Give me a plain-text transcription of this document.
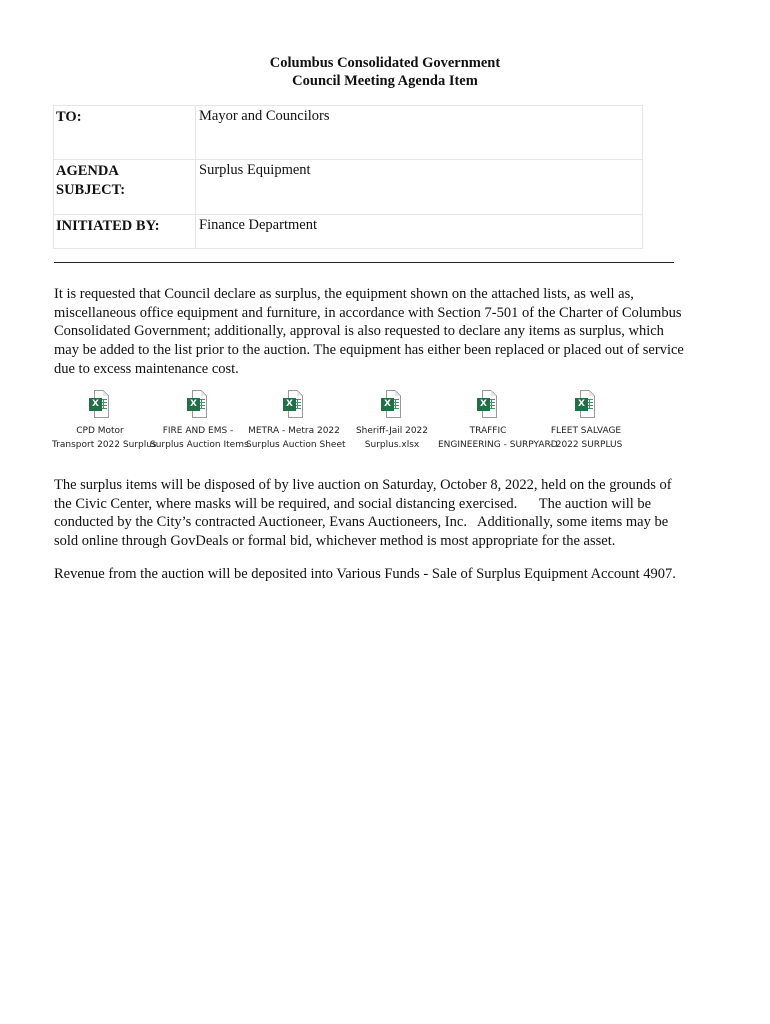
Columbus Consolidated Government
Council Meeting Agenda Item
TO:	Mayor and Councilors
AGENDA
SUBJECT:	Surplus Equipment
INITIATED BY:	Finance Department
It is requested that Council declare as surplus, the equipment shown on the attached lists, as well as,
miscellaneous office equipment and furniture, in accordance with Section 7-501 of the Charter of Columbus
Consolidated Government; additionally, approval is also requested to declare any items as surplus, which
may be added to the list prior to the auction. The equipment has either been replaced or placed out of service
due to excess maintenance cost.
X
CPD Motor
Transport 2022 Surplus
X
FIRE AND EMS -
Surplus Auction Items
X
METRA - Metra 2022
Surplus Auction Sheet
X
Sheriff-Jail 2022
Surplus.xlsx
X
TRAFFIC
ENGINEERING - SURPYARD
X
FLEET SALVAGE
- 2022 SURPLUS
The surplus items will be disposed of by live auction on Saturday, October 8, 2022, held on the grounds of
the Civic Center, where masks will be required, and social distancing exercised.      The auction will be
conducted by the City’s contracted Auctioneer, Evans Auctioneers, Inc.   Additionally, some items may be
sold online through GovDeals or formal bid, whichever method is most appropriate for the asset.
Revenue from the auction will be deposited into Various Funds - Sale of Surplus Equipment Account 4907.
